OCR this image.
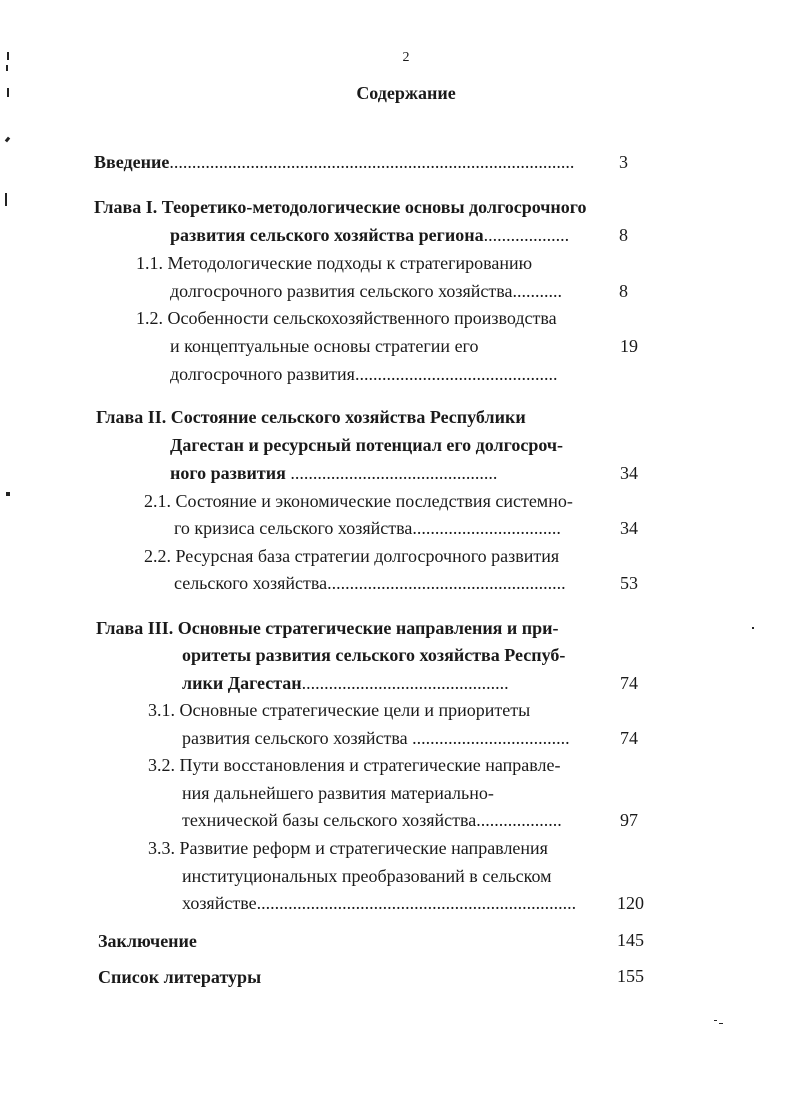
2
Содержание
Введение..........................................................................................	3
Глава I. Теоретико-методологические основы долгосрочного
развития сельского хозяйства региона...................	8
1.1. Методологические подходы к стратегированию
долгосрочного развития сельского хозяйства...........	8
1.2. Особенности сельскохозяйственного производства
и концептуальные основы стратегии его	19
долгосрочного развития.............................................
Глава II. Состояние сельского хозяйства Республики
Дагестан и ресурсный потенциал его долгосроч-
ного развития ..............................................	34
2.1. Состояние и экономические последствия системно-
го кризиса сельского хозяйства.................................	34
2.2. Ресурсная база стратегии долгосрочного развития
сельского хозяйства.....................................................	53
Глава III. Основные стратегические направления и при-
оритеты развития сельского хозяйства Респуб-
лики Дагестан..............................................	74
3.1. Основные стратегические цели и приоритеты
развития сельского хозяйства ...................................	74
3.2. Пути восстановления и стратегические направле-
ния дальнейшего развития материально-
технической базы сельского хозяйства...................	97
3.3. Развитие реформ и стратегические направления
институциональных преобразований в сельском
хозяйстве.......................................................................	120
Заключение	145
Список литературы	155
